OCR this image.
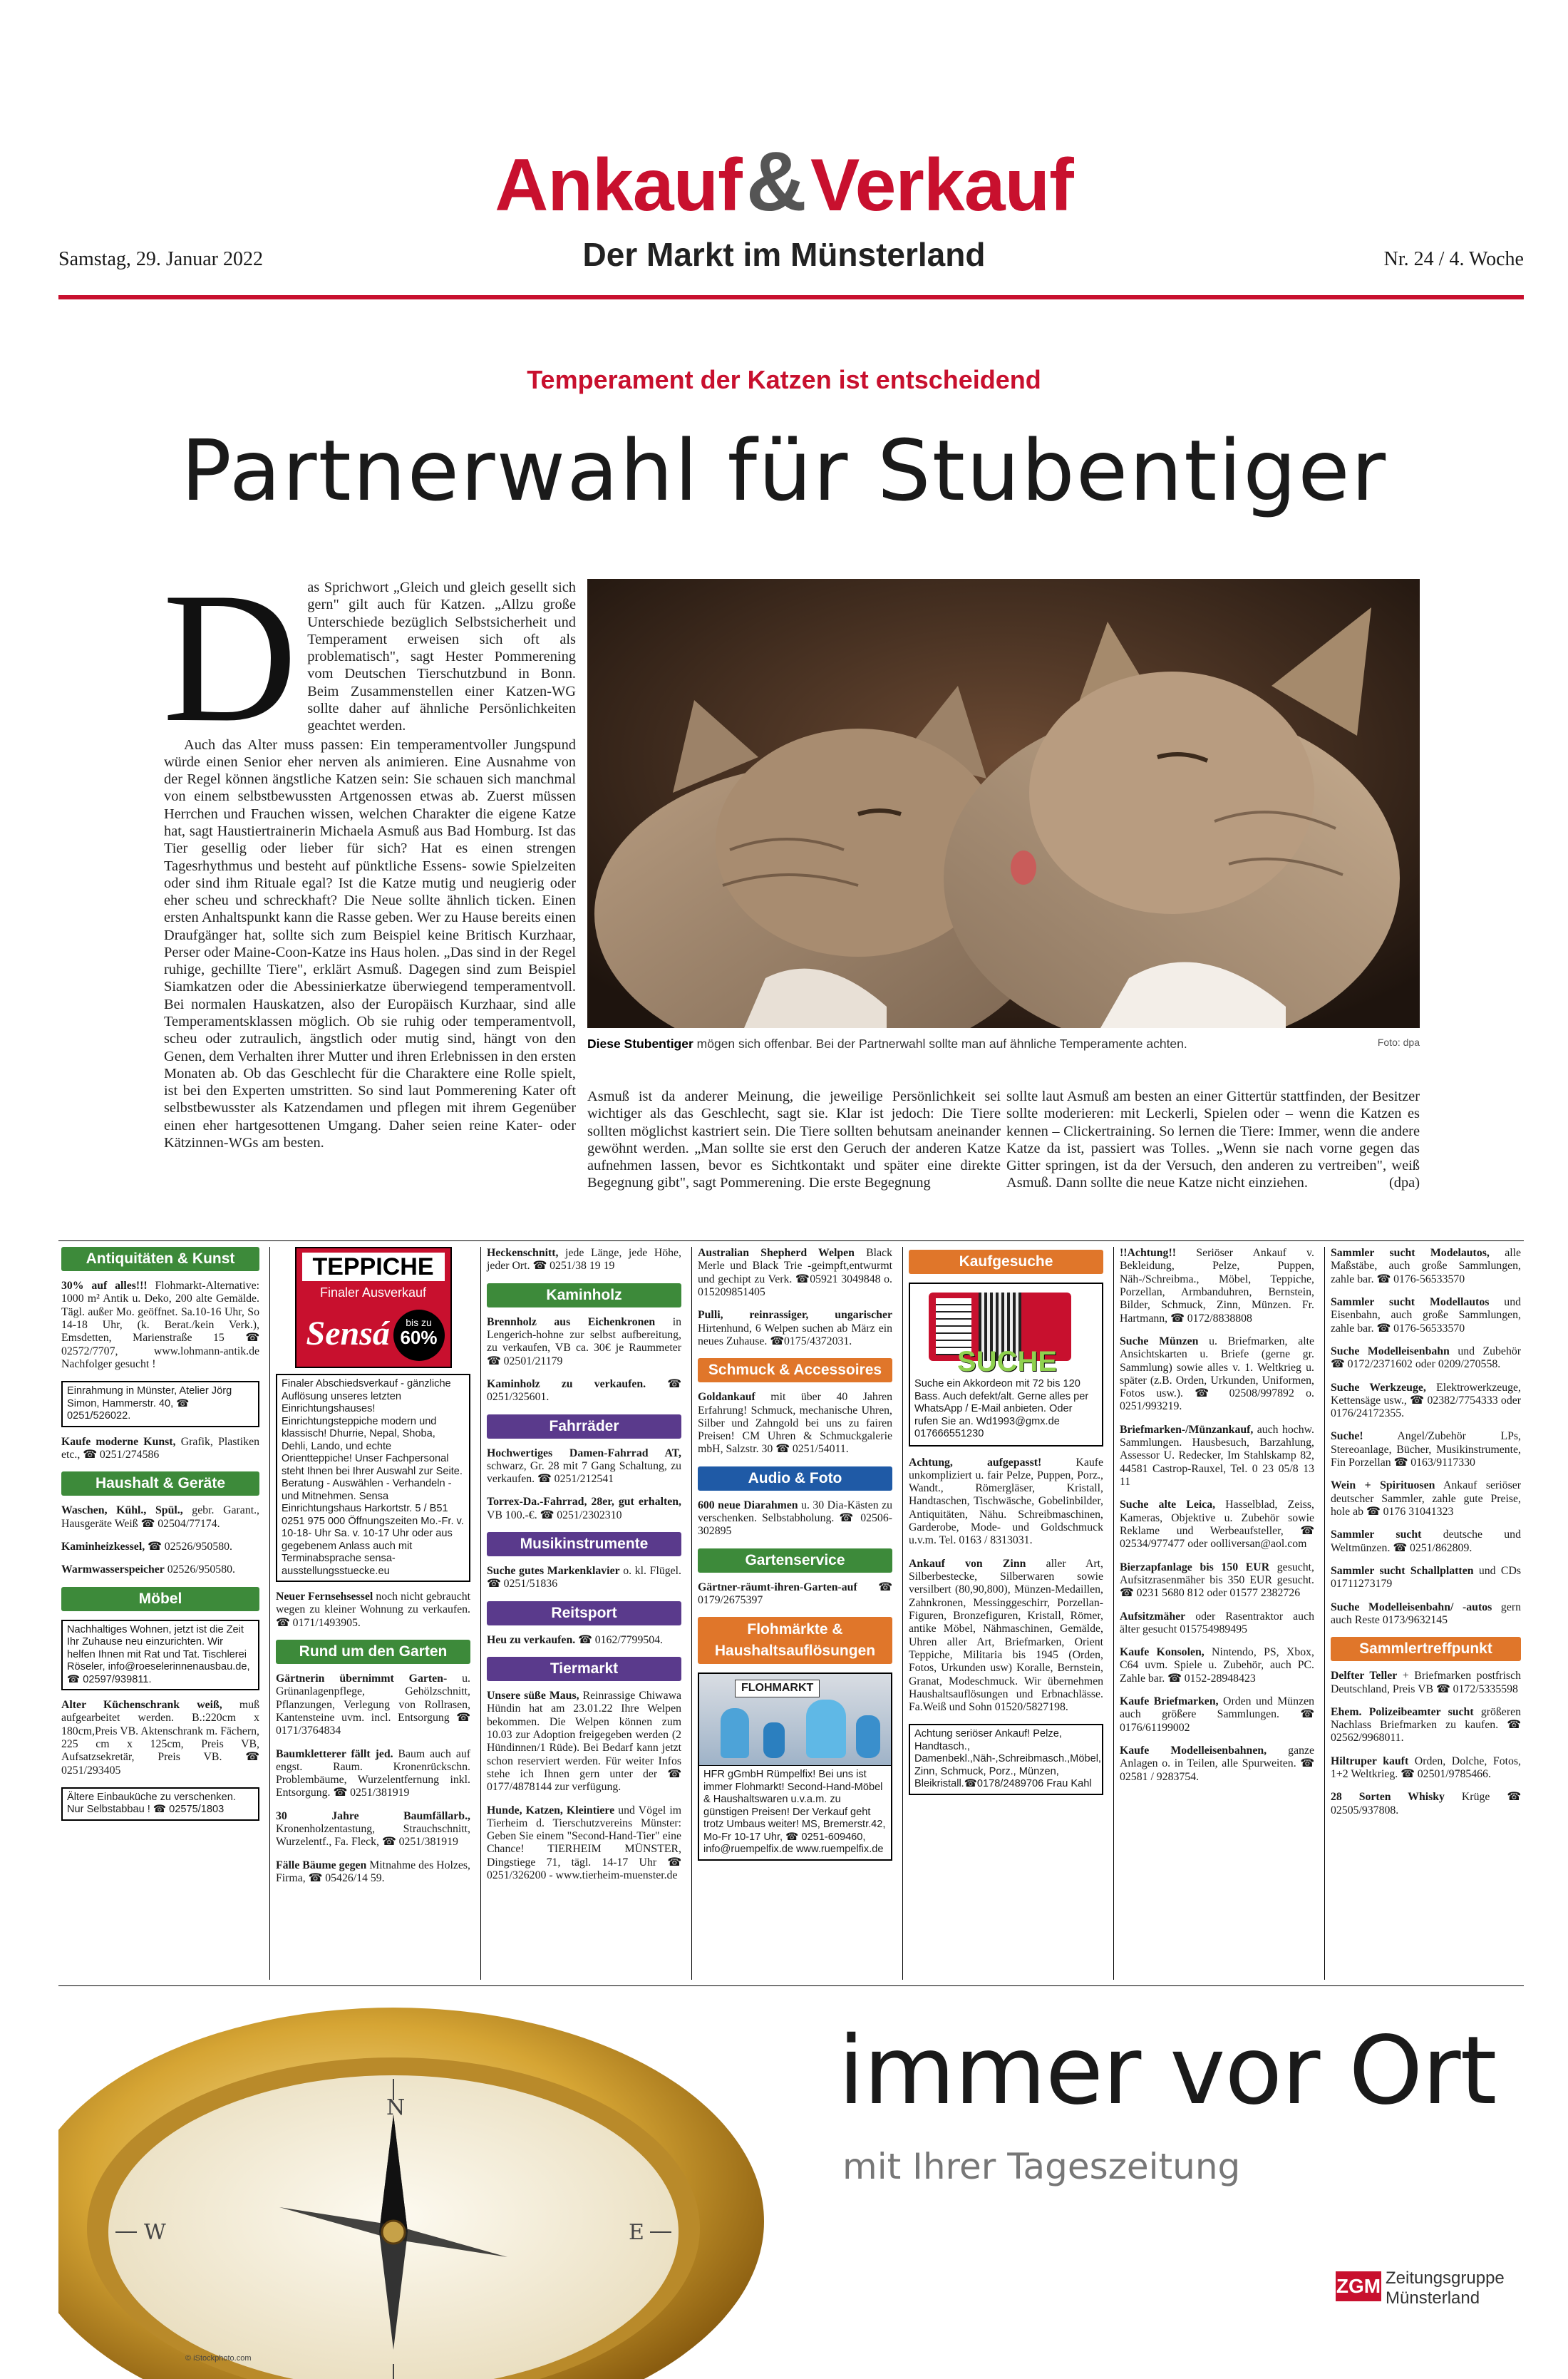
Ankauf&Verkauf
Der Markt im Münsterland
Samstag, 29. Januar 2022	Nr. 24 / 4. Woche
Temperament der Katzen ist entscheidend
Partnerwahl für Stubentiger
D as Sprichwort „Gleich und gleich gesellt sich gern" gilt auch für Katzen. „Allzu große Unterschiede bezüglich Selbstsicherheit und Temperament erweisen sich oft als problematisch", sagt Hester Pommerening vom Deutschen Tierschutzbund in Bonn. Beim Zusammenstellen einer Katzen-WG sollte daher auf ähnliche Persönlichkeiten geachtet werden.
Auch das Alter muss passen: Ein temperamentvoller Jungspund würde einen Senior eher nerven als animieren. Eine Ausnahme von der Regel können ängstliche Katzen sein: Sie schauen sich manchmal von einem selbstbewussten Artgenossen etwas ab. Zuerst müssen Herrchen und Frauchen wissen, welchen Charakter die eigene Katze hat, sagt Haustiertrainerin Michaela Asmuß aus Bad Homburg. Ist das Tier gesellig oder lieber für sich? Hat es einen strengen Tagesrhythmus und besteht auf pünktliche Essens- sowie Spielzeiten oder sind ihm Rituale egal? Ist die Katze mutig und neugierig oder eher scheu und schreckhaft? Die Neue sollte ähnlich ticken. Einen ersten Anhaltspunkt kann die Rasse geben. Wer zu Hause bereits einen Draufgänger hat, sollte sich zum Beispiel keine Britisch Kurzhaar, Perser oder Maine-Coon-Katze ins Haus holen. „Das sind in der Regel ruhige, gechillte Tiere", erklärt Asmuß. Dagegen sind zum Beispiel Siamkatzen oder die Abessinierkatze überwiegend temperamentvoll. Bei normalen Hauskatzen, also der Europäisch Kurzhaar, sind alle Temperamentsklassen möglich. Ob sie ruhig oder temperamentvoll, scheu oder zutraulich, ängstlich oder mutig sind, hängt von den Genen, dem Verhalten ihrer Mutter und ihren Erlebnissen in den ersten Monaten ab. Ob das Geschlecht für die Charaktere eine Rolle spielt, ist bei den Experten umstritten. So sind laut Pommerening Kater oft selbstbewusster als Katzendamen und pflegen mit ihrem Gegenüber einen eher hartgesottenen Umgang. Daher seien reine Kater- oder Kätzinnen-WGs am besten.
Diese Stubentiger mögen sich offenbar. Bei der Partnerwahl sollte man auf ähnliche Temperamente achten.	Foto: dpa
Asmuß ist da anderer Meinung, die jeweilige Persönlichkeit sei wichtiger als das Geschlecht, sagt sie. Klar ist jedoch: Die Tiere sollten möglichst kastriert sein. Die Tiere sollten behutsam aneinander gewöhnt werden. „Man sollte sie erst den Geruch der anderen Katze aufnehmen lassen, bevor es Sichtkontakt und später eine direkte Begegnung gibt", sagt Pommerening. Die erste Begegnung
sollte laut Asmuß am besten an einer Gittertür stattfinden, der Besitzer sollte moderieren: mit Leckerli, Spielen oder – wenn die Katzen es kennen – Clickertraining. So lernen die Tiere: Immer, wenn die andere Katze da ist, passiert was Tolles. „Wenn sie nach vorne gegen das Gitter springen, ist da der Versuch, den anderen zu vertreiben", weiß Asmuß. Dann sollte die neue Katze nicht einziehen.	(dpa)
Antiquitäten & Kunst

30% auf alles!!! Flohmarkt-Alternative: 1000 m² Antik u. Deko, 200 alte Gemälde. Tägl. außer Mo. geöffnet. Sa.10-16 Uhr, So 14-18 Uhr, (k. Berat./kein Verk.), Emsdetten, Marienstraße 15 ☎ 02572/7707, www.lohmann-antik.de Nachfolger gesucht !

Einrahmung in Münster, Atelier Jörg Simon, Hammerstr. 40, ☎ 0251/526022.

Kaufe moderne Kunst, Grafik, Plastiken etc., ☎ 0251/274586

Haushalt & Geräte

Waschen, Kühl., Spül., gebr. Garant., Hausgeräte Weiß ☎ 02504/77174.

Kaminheizkessel, ☎ 02526/950580.

Warmwasserspeicher 02526/950580.

Möbel
Nachhaltiges Wohnen, jetzt ist die Zeit Ihr Zuhause neu einzurichten. Wir helfen Ihnen mit Rat und Tat. Tischlerei Röseler, info@roeselerinnenausbau.de, ☎ 02597/939811.

Alter Küchenschrank weiß, muß aufgearbeitet werden. B.:220cm x 180cm,Preis VB. Aktenschrank m. Fächern, 225 cm x 125cm, Preis VB, Aufsatzsekretär, Preis VB. ☎ 0251/293405

Ältere Einbauküche zu verschenken. Nur Selbstabbau ! ☎ 02575/1803
TEPPICHE
Finaler Ausverkauf
Sensá	bis zu
60%
Finaler Abschiedsverkauf - gänzliche Auflösung unseres letzten Einrichtungshauses! Einrichtungsteppiche modern und klassisch! Dhurrie, Nepal, Shoba, Dehli, Lando, und echte Orientteppiche! Unser Fachpersonal steht Ihnen bei Ihrer Auswahl zur Seite. Beratung - Auswählen - Verhandeln - und Mitnehmen. Sensa Einrichtungshaus Harkortstr. 5 / B51 0251 975 000 Öffnungszeiten Mo.-Fr. v. 10-18- Uhr Sa. v. 10-17 Uhr oder aus gegebenem Anlass auch mit Terminabsprache sensa-ausstellungsstuecke.eu

Neuer Fernsehsessel noch nicht gebraucht wegen zu kleiner Wohnung zu verkaufen. ☎ 0171/1493905.

Rund um den Garten

Gärtnerin übernimmt Garten- u. Grünanlagenpflege, Gehölzschnitt, Pflanzungen, Verlegung von Rollrasen, Kantensteine uvm. incl. Entsorgung ☎ 0171/3764834

Baumkletterer fällt jed. Baum auch auf engst. Raum. Kronenrückschn. Problembäume, Wurzelentfernung inkl. Entsorgung. ☎ 0251/381919

30 Jahre Baumfällarb., Kronenholzentastung, Strauchschnitt, Wurzelentf., Fa. Fleck, ☎ 0251/381919

Fälle Bäume gegen Mitnahme des Holzes, Firma, ☎ 05426/14 59.

Heckenschnitt, jede Länge, jede Höhe, jeder Ort. ☎ 0251/38 19 19

Kaminholz

Brennholz aus Eichenkronen in Lengerich-hohne zur selbst aufbereitung, zu verkaufen, VB ca. 30€ je Raummeter ☎ 02501/21179

Kaminholz zu verkaufen. ☎ 0251/325601.

Fahrräder

Hochwertiges Damen-Fahrrad AT, schwarz, Gr. 28 mit 7 Gang Schaltung, zu verkaufen. ☎ 0251/212541

Torrex-Da.-Fahrrad, 28er, gut erhalten, VB 100.-€. ☎ 0251/2302310

Musikinstrumente

Suche gutes Markenklavier o. kl. Flügel. ☎ 0251/51836

Reitsport

Heu zu verkaufen. ☎ 0162/7799504.

Tiermarkt

Unsere süße Maus, Reinrassige Chiwawa Hündin hat am 23.01.22 Ihre Welpen bekommen. Die Welpen können zum 10.03 zur Adoption freigegeben werden (2 Hündinnen/1 Rüde). Bei Bedarf kann jetzt schon reserviert werden. Für weiter Infos stehe ich Ihnen gern unter der ☎ 0177/4878144 zur verfügung.

Hunde, Katzen, Kleintiere und Vögel im Tierheim d. Tierschutzvereins Münster: Geben Sie einem "Second-Hand-Tier" eine Chance! TIERHEIM MÜNSTER, Dingstiege 71, tägl. 14-17 Uhr ☎ 0251/326200 - www.tierheim-muenster.de

Australian Shepherd Welpen Black Merle und Black Trie -geimpft,entwurmt und gechipt zu Verk. ☎05921 3049848 o. 015209851405

Pulli, reinrassiger, ungarischer Hirtenhund, 6 Welpen suchen ab März ein neues Zuhause. ☎0175/4372031.

Schmuck & Accessoires

Goldankauf mit über 40 Jahren Erfahrung! Schmuck, mechanische Uhren, Silber und Zahngold bei uns zu fairen Preisen! CM Uhren & Schmuckgalerie mbH, Salzstr. 30 ☎ 0251/54011.

Audio & Foto

600 neue Diarahmen u. 30 Dia-Kästen zu verschenken. Selbstabholung. ☎ 02506-302895

Gartenservice

Gärtner-räumt-ihren-Garten-auf ☎ 0179/2675397

Flohmärkte & Haushaltsauflösungen
FLOHMARKT
HFR gGmbH Rümpelfix! Bei uns ist immer Flohmarkt! Second-Hand-Möbel & Haushaltswaren u.v.a.m. zu günstigen Preisen! Der Verkauf geht trotz Umbaus weiter! MS, Bremerstr.42, Mo-Fr 10-17 Uhr, ☎ 0251-609460, info@ruempelfix.de www.ruempelfix.de
Kaufgesuche
SUCHE
Suche ein Akkordeon mit 72 bis 120 Bass. Auch defekt/alt. Gerne alles per WhatsApp / E-Mail anbieten. Oder rufen Sie an. Wd1993@gmx.de 017666551230

Achtung, aufgepasst! Kaufe unkompliziert u. fair Pelze, Puppen, Porz., Wandt., Römergläser, Kristall, Handtaschen, Tischwäsche, Gobelinbilder, Antiquitäten, Nähu. Schreibmaschinen, Garderobe, Mode- und Goldschmuck u.v.m. Tel. 0163 / 8313031.

Ankauf von Zinn aller Art, Silberbestecke, Silberwaren sowie versilbert (80,90,800), Münzen-Medaillen, Zahnkronen, Messinggeschirr, Porzellan-Figuren, Bronzefiguren, Kristall, Römer, antike Möbel, Nähmaschinen, Gemälde, Uhren aller Art, Briefmarken, Orient Teppiche, Militaria bis 1945 (Orden, Fotos, Urkunden usw) Koralle, Bernstein, Granat, Modeschmuck. Wir übernehmen Haushaltsauflösungen und Erbnachlässe. Fa.Weiß und Sohn 01520/5827198.

Achtung seriöser Ankauf! Pelze, Handtasch., Damenbekl.,Näh-,Schreibmasch.,Möbel, Zinn, Schmuck, Porz., Münzen, Bleikristall.☎0178/2489706 Frau Kahl

!!Achtung!! Seriöser Ankauf v. Bekleidung, Pelze, Puppen, Näh-/Schreibma., Möbel, Teppiche, Porzellan, Armbanduhren, Bernstein, Bilder, Schmuck, Zinn, Münzen. Fr. Hartmann, ☎ 0172/8838808

Suche Münzen u. Briefmarken, alte Ansichtskarten u. Briefe (gerne gr. Sammlung) sowie alles v. 1. Weltkrieg u. später (z.B. Orden, Urkunden, Uniformen, Fotos usw.). ☎ 02508/997892 o. 0251/993219.

Briefmarken-/Münzankauf, auch hochw. Sammlungen. Hausbesuch, Barzahlung, Assessor U. Redecker, Im Stahlskamp 82, 44581 Castrop-Rauxel, Tel. 0 23 05/8 13 11

Suche alte Leica, Hasselblad, Zeiss, Kameras, Objektive u. Zubehör sowie Reklame und Werbeaufsteller, ☎ 02534/977477 oder oolliversan@aol.com

Bierzapfanlage bis 150 EUR gesucht, Aufsitzrasenmäher bis 350 EUR gesucht. ☎ 0231 5680 812 oder 01577 2382726

Aufsitzmäher oder Rasentraktor auch älter gesucht 015754989495

Kaufe Konsolen, Nintendo, PS, Xbox, C64 uvm. Spiele u. Zubehör, auch PC. Zahle bar. ☎ 0152-28948423

Kaufe Briefmarken, Orden und Münzen auch größere Sammlungen. ☎ 0176/61199002

Kaufe Modelleisenbahnen, ganze Anlagen o. in Teilen, alle Spurweiten. ☎ 02581 / 9283754.

Sammler sucht Modelautos, alle Maßstäbe, auch große Sammlungen, zahle bar. ☎ 0176-56533570

Sammler sucht Modellautos und Eisenbahn, auch große Sammlungen, zahle bar. ☎ 0176-56533570

Suche Modelleisenbahn und Zubehör ☎ 0172/2371602 oder 0209/270558.

Suche Werkzeuge, Elektrowerkzeuge, Kettensäge usw., ☎ 02382/7754333 oder 0176/24172355.

Suche! Angel/Zubehör LPs, Stereoanlage, Bücher, Musikinstrumente, Fin Porzellan ☎ 0163/9117330

Wein + Spirituosen Ankauf seriöser deutscher Sammler, zahle gute Preise, hole ab ☎ 0176 31041323

Sammler sucht deutsche und Weltmünzen. ☎ 0251/862809.

Sammler sucht Schallplatten und CDs 01711273179

Suche Modelleisenbahn/ -autos gern auch Reste 0173/9632145

Sammlertreffpunkt

Delfter Teller + Briefmarken postfrisch Deutschland, Preis VB ☎ 0172/5335598

Ehem. Polizeibeamter sucht größeren Nachlass Briefmarken zu kaufen. ☎ 02562/9968011.

Hiltruper kauft Orden, Dolche, Fotos, 1+2 Weltkrieg. ☎ 02501/9785466.

28 Sorten Whisky Krüge ☎ 02505/937808.

N
W	E
immer vor Ort
mit Ihrer Tageszeitung
ZGM Zeitungsgruppe
Münsterland
© iStockphoto.com
